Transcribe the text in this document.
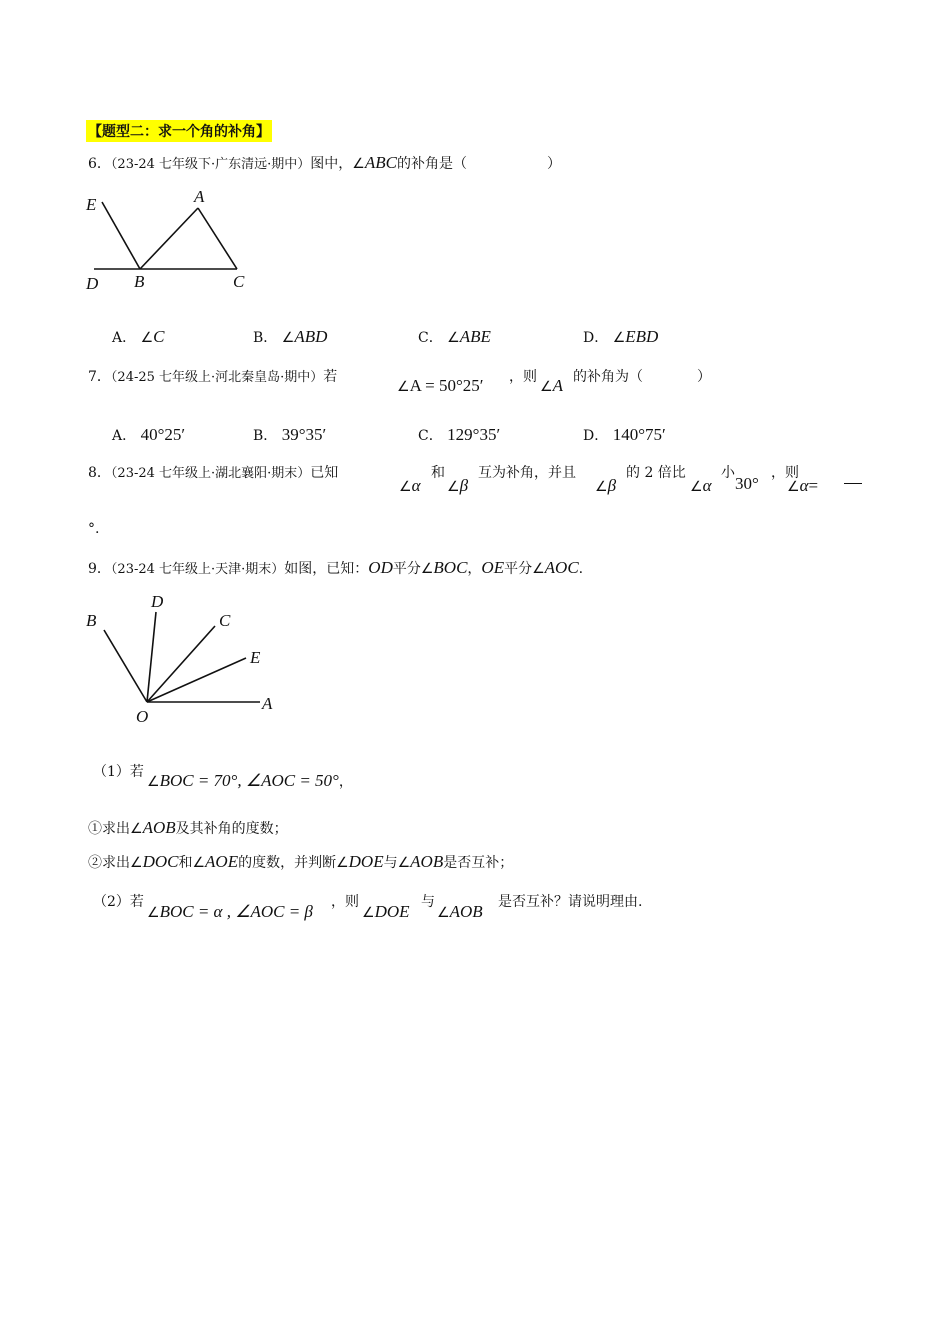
【题型二：求一个角的补角】
6．（23-24 七年级下·广东清远·期中）图中，∠ABC的补角是（	）
E	A
D B	C
A． ∠C	B． ∠ABD	C． ∠ABE	D． ∠EBD
7．（24-25 七年级上·河北秦皇岛·期中）若
∠A = 50°25′ ，则
∠A 的补角为（	）
A． 40°25′	B． 39°35′	C． 129°35′	D． 140°75′
8．（23-24 七年级上·湖北襄阳·期末）已知
∠α
和
∠β
互为补角，并且
∠β
的 2 倍比
∠α
小
30°
，则
∠α=
°.
9．（23-24 七年级上·天津·期末）如图，已知：OD平分∠BOC，OE平分∠AOC.
B
D
C
E
A
O
（1）若
∠BOC = 70°, ∠AOC = 50°，
①求出∠AOB及其补角的度数；
②求出∠DOC和∠AOE的度数，并判断∠DOE与∠AOB是否互补；
（2）若
∠BOC = α , ∠AOC = β ，则
∠DOE 与
∠AOB 是否互补？请说明理由.
